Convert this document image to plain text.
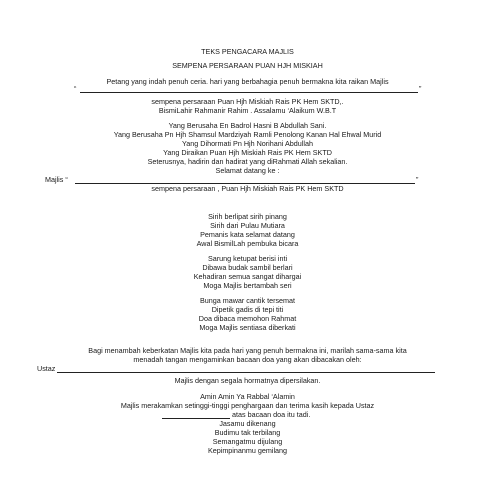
TEKS PENGACARA MAJLIS
SEMPENA PERSARAAN PUAN HJH MISKIAH
Petang yang indah penuh ceria. hari yang berbahagia penuh bermakna kita raikan Majlis
“	”
sempena persaraan Puan Hjh Miskiah Rais PK Hem SKTD,.
BismiLahir Rahmanir Rahim . Assalamu ‘Alaikum W.B.T
Yang Berusaha En Badrol Hasni B Abdullah Sani.
Yang Berusaha Pn Hjh Shamsul Mardziyah Ramli Penolong Kanan Hal Ehwal Murid
Yang Dihormati Pn Hjh Norihani Abdullah
Yang Diraikan Puan Hjh Miskiah Rais PK Hem SKTD
Seterusnya, hadirin dan hadirat yang diRahmati Allah sekalian.
Selamat datang ke :
Majlis “	”
sempena persaraan , Puan Hjh Miskiah Rais PK Hem SKTD
Sirih berlipat sirih pinang
Sirih dari Pulau Mutiara
Pemanis kata selamat datang
Awal BismilLah pembuka bicara
Sarung ketupat berisi inti
Dibawa budak sambil berlari
Kehadiran semua sangat dihargai
Moga Majlis bertambah seri
Bunga mawar cantik tersemat
Dipetik gadis di tepi titi
Doa dibaca memohon Rahmat
Moga Majlis sentiasa diberkati
Bagi menambah keberkatan Majlis kita pada hari yang penuh bermakna ini, marilah sama-sama kita
menadah tangan mengaminkan bacaan doa yang akan dibacakan oleh:
Ustaz
Majlis dengan segala hormatnya dipersilakan.
Amin Amin Ya Rabbal ‘Alamin
Majlis merakamkan setinggi-tinggi penghargaan dan terima kasih kepada Ustaz
atas bacaan doa itu tadi.
Jasamu dikenang
Budimu tak terbilang
Semangatmu dijulang
Kepimpinanmu gemilang
